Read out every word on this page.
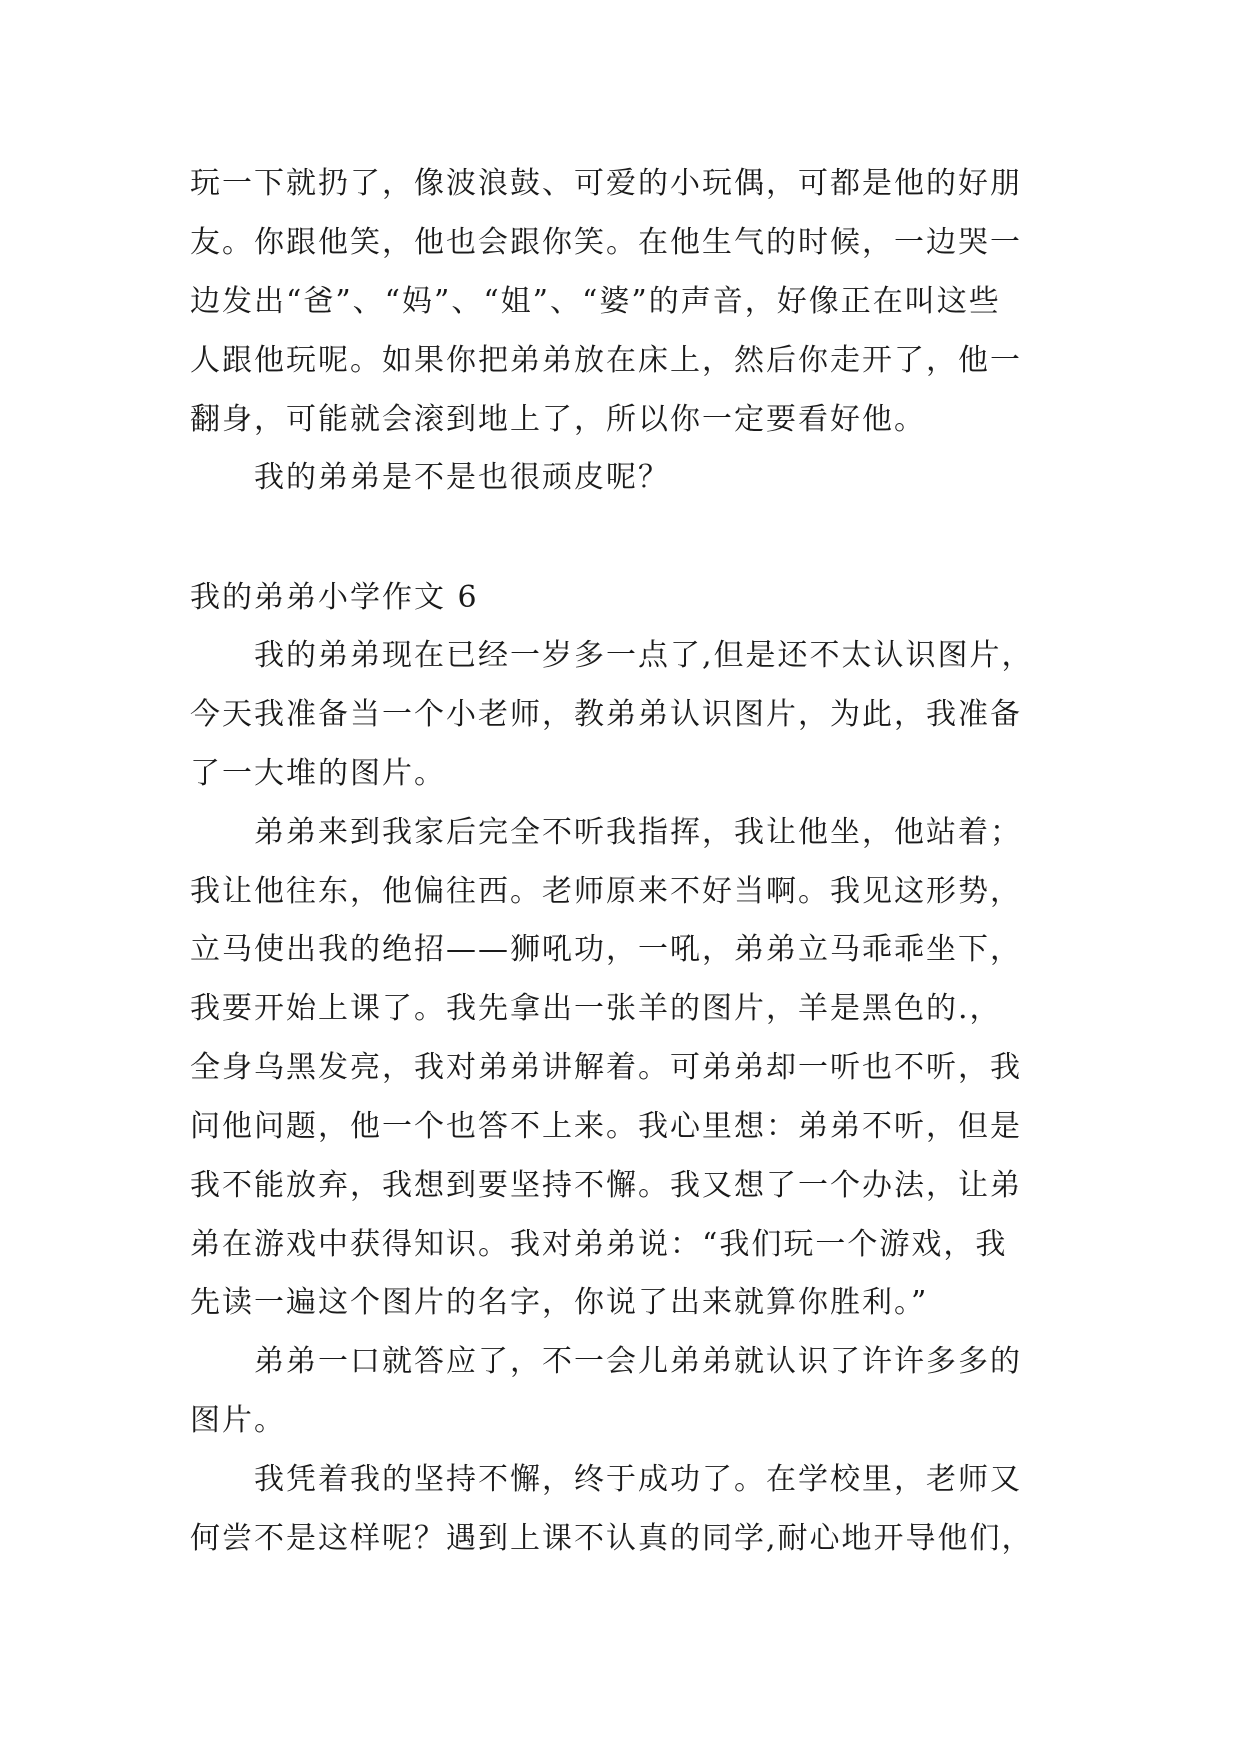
玩一下就扔了，像波浪鼓、可爱的小玩偶，可都是他的好朋
友。你跟他笑，他也会跟你笑。在他生气的时候，一边哭一
边发出“爸”、“妈”、“姐”、“婆”的声音，好像正在叫这些
人跟他玩呢。如果你把弟弟放在床上，然后你走开了，他一
翻身，可能就会滚到地上了，所以你一定要看好他。
我的弟弟是不是也很顽皮呢？
我的弟弟小学作文 6
我的弟弟现在已经一岁多一点了,但是还不太认识图片，
今天我准备当一个小老师，教弟弟认识图片，为此，我准备
了一大堆的图片。
弟弟来到我家后完全不听我指挥，我让他坐，他站着；
我让他往东，他偏往西。老师原来不好当啊。我见这形势，
立马使出我的绝招——狮吼功，一吼，弟弟立马乖乖坐下，
我要开始上课了。我先拿出一张羊的图片，羊是黑色的.，
全身乌黑发亮，我对弟弟讲解着。可弟弟却一听也不听，我
问他问题，他一个也答不上来。我心里想：弟弟不听，但是
我不能放弃，我想到要坚持不懈。我又想了一个办法，让弟
弟在游戏中获得知识。我对弟弟说：“我们玩一个游戏，我
先读一遍这个图片的名字，你说了出来就算你胜利。”
弟弟一口就答应了，不一会儿弟弟就认识了许许多多的
图片。
我凭着我的坚持不懈，终于成功了。在学校里，老师又
何尝不是这样呢？遇到上课不认真的同学,耐心地开导他们，
